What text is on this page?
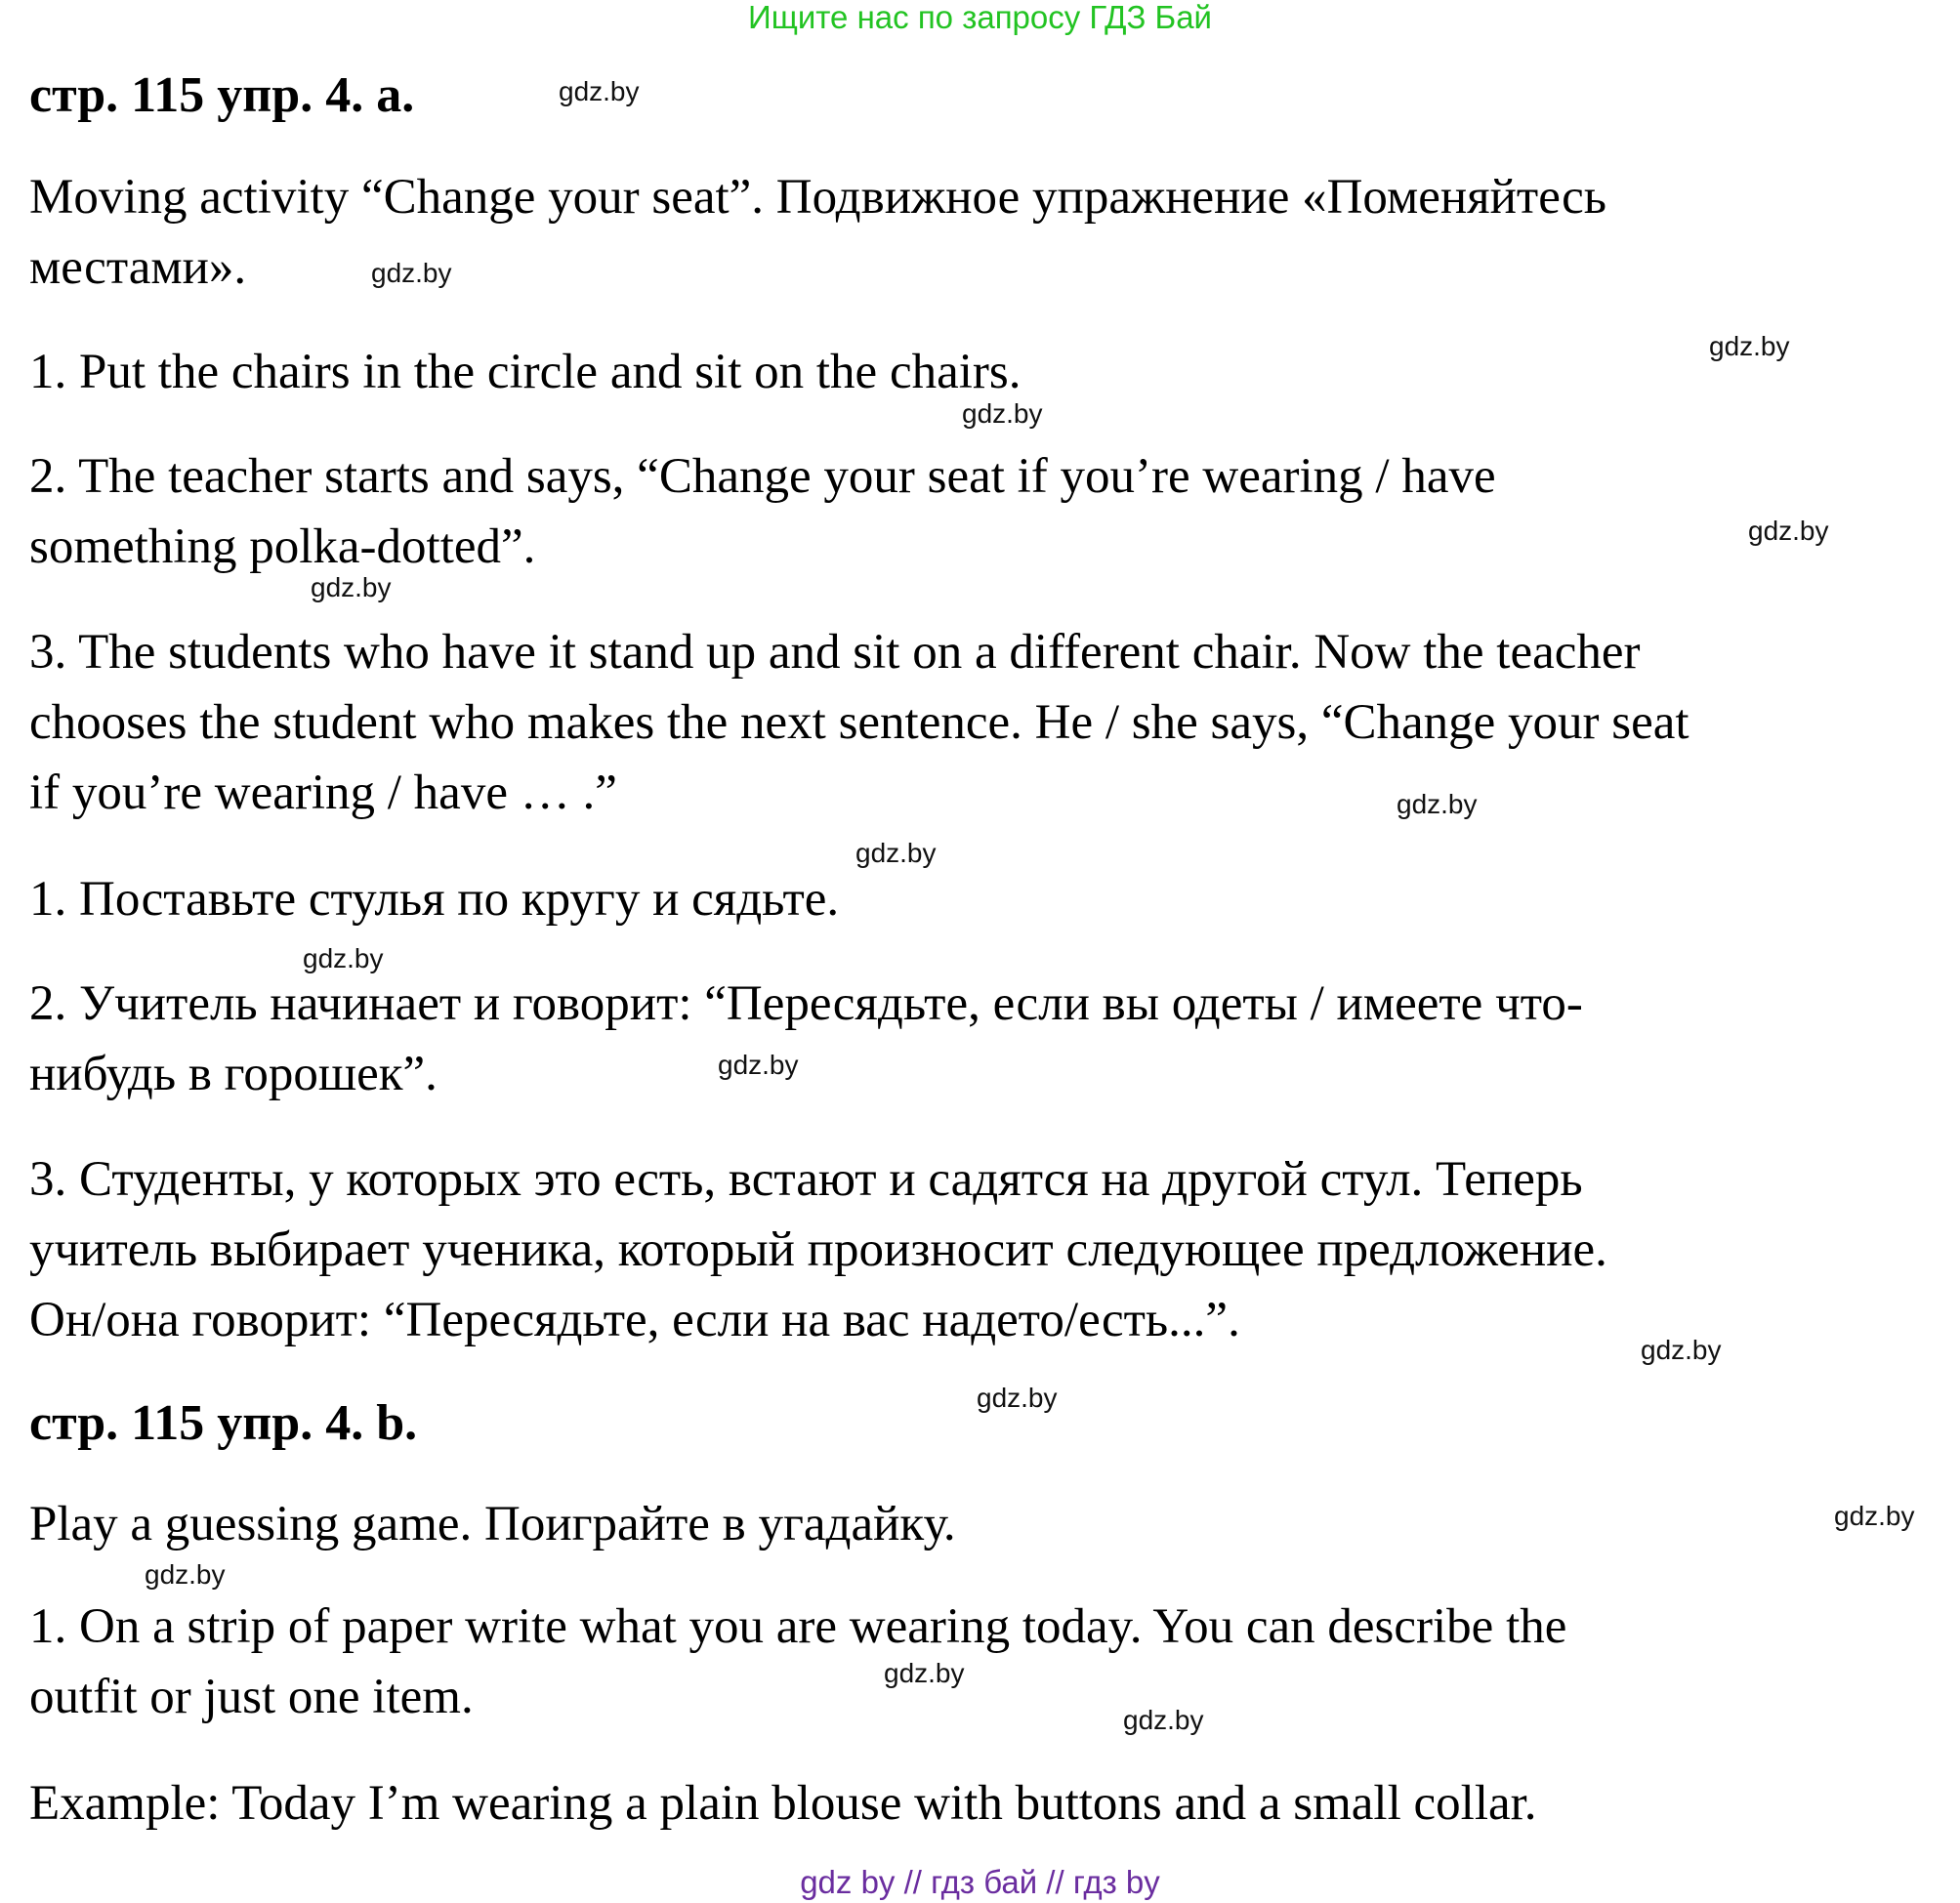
Ищите нас по запросу ГДЗ Бай
стр. 115 упр. 4. a.
Moving activity “Change your seat”. Подвижное упражнение «Поменяйтесь
местами».
1. Put the chairs in the circle and sit on the chairs.
2. The teacher starts and says, “Change your seat if you’re wearing / have
something polka-dotted”.
3. The students who have it stand up and sit on a different chair. Now the teacher
chooses the student who makes the next sentence. He / she says, “Change your seat
if you’re wearing / have … .”
1. Поставьте стулья по кругу и сядьте.
2. Учитель начинает и говорит: “Пересядьте, если вы одеты / имеете что-
нибудь в горошек”.
3. Студенты, у которых это есть, встают и садятся на другой стул. Теперь
учитель выбирает ученика, который произносит следующее предложение.
Он/она говорит: “Пересядьте, если на вас надето/есть...”.
стр. 115 упр. 4. b.
Play a guessing game. Поиграйте в угадайку.
1. On a strip of paper write what you are wearing today. You can describe the
outfit or just one item.
Example: Today I’m wearing a plain blouse with buttons and a small collar.
gdz.by
gdz.by
gdz.by
gdz.by
gdz.by
gdz.by
gdz.by
gdz.by
gdz.by
gdz.by
gdz.by
gdz.by
gdz.by
gdz.by
gdz.by
gdz.by
gdz by // гдз бай // гдз by
